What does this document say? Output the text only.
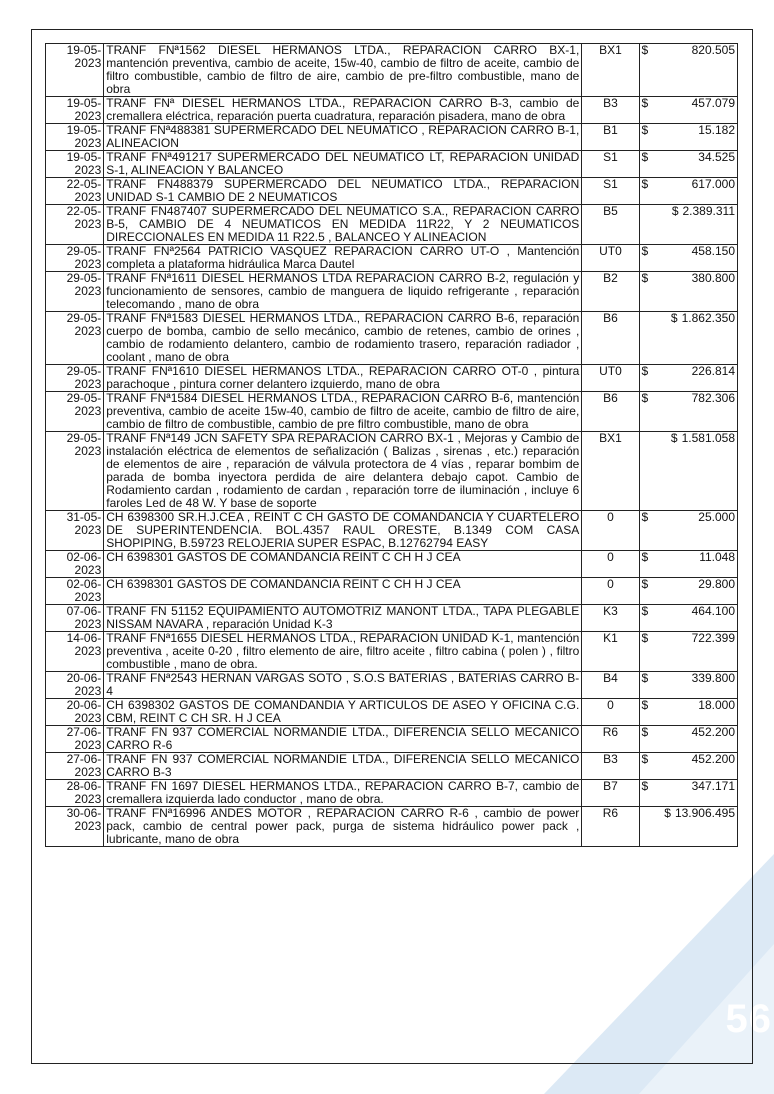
56
19-05-2023	TRANF FNª1562 DIESEL HERMANOS LTDA., REPARACION CARRO BX-1, mantención preventiva, cambio de aceite, 15w-40, cambio de filtro de aceite, cambio de filtro combustible, cambio de filtro de aire, cambio de pre-filtro combustible, mano de obra	BX1	$ 820.505

19-05-2023	TRANF FNª DIESEL HERMANOS LTDA., REPARACION CARRO B-3, cambio de cremallera eléctrica, reparación puerta cuadratura, reparación pisadera, mano de obra	B3	$ 457.079

19-05-2023	TRANF FNª488381 SUPERMERCADO DEL NEUMATICO , REPARACION CARRO B-1, ALINEACION	B1	$ 15.182

19-05-2023	TRANF FNª491217 SUPERMERCADO DEL NEUMATICO LT, REPARACION UNIDAD S-1, ALINEACION Y BALANCEO	S1	$ 34.525

22-05-2023	TRANF FN488379 SUPERMERCADO DEL NEUMATICO LTDA., REPARACION UNIDAD S-1 CAMBIO DE 2 NEUMATICOS	S1	$ 617.000

22-05-2023	TRANF FN487407 SUPERMERCADO DEL NEUMATICO S.A., REPARACION CARRO B-5, CAMBIO DE 4 NEUMATICOS EN MEDIDA 11R22, Y 2 NEUMATICOS DIRECCIONALES EN MEDIDA 11 R22.5 , BALANCEO Y ALINEACION	B5	$ 2.389.311

29-05-2023	TRANF FNª2564 PATRICIO VASQUEZ REPARACION CARRO UT-O , Mantención completa a plataforma hidráulica Marca Dautel	UT0	$ 458.150

29-05-2023	TRANF FNª1611 DIESEL HERMANOS LTDA REPARACION CARRO B-2, regulación y funcionamiento de sensores, cambio de manguera de liquido refrigerante , reparación telecomando , mano de obra	B2	$ 380.800

29-05-2023	TRANF FNª1583 DIESEL HERMANOS LTDA., REPARACION CARRO B-6, reparación cuerpo de bomba, cambio de sello mecánico, cambio de retenes, cambio de orines , cambio de rodamiento delantero, cambio de rodamiento trasero, reparación radiador , coolant , mano de obra	B6	$ 1.862.350

29-05-2023	TRANF FNª1610 DIESEL HERMANOS LTDA., REPARACION CARRO OT-0 , pintura parachoque , pintura corner delantero izquierdo, mano de obra	UT0	$ 226.814

29-05-2023	TRANF FNª1584 DIESEL HERMANOS LTDA., REPARACION CARRO B-6, mantención preventiva, cambio de aceite 15w-40, cambio de filtro de aceite, cambio de filtro de aire, cambio de filtro de combustible, cambio de pre filtro combustible, mano de obra	B6	$ 782.306

29-05-2023	TRANF FNª149 JCN SAFETY SPA REPARACION CARRO BX-1 , Mejoras y Cambio de instalación eléctrica de elementos de señalización ( Balizas , sirenas , etc.) reparación de elementos de aire , reparación de válvula protectora de 4 vías , reparar bombim de parada de bomba inyectora perdida de aire delantera debajo capot. Cambio de Rodamiento cardan , rodamiento de cardan , reparación torre de iluminación , incluye 6 faroles Led de 48 W. Y base de soporte	BX1	$ 1.581.058

31-05-2023	CH 6398300 SR.H.J.CEA , REINT C CH GASTO DE COMANDANCIA Y CUARTELERO DE SUPERINTENDENCIA. BOL.4357 RAUL ORESTE, B.1349 COM CASA SHOPIPING, B.59723 RELOJERIA SUPER ESPAC, B.12762794 EASY	0	$ 25.000

02-06-2023	CH 6398301 GASTOS DE COMANDANCIA REINT C CH H J CEA	0	$ 11.048

02-06-2023	CH 6398301 GASTOS DE COMANDANCIA REINT C CH H J CEA	0	$ 29.800

07-06-2023	TRANF FN 51152 EQUIPAMIENTO AUTOMOTRIZ MANONT LTDA., TAPA PLEGABLE NISSAM NAVARA , reparación Unidad K-3	K3	$ 464.100

14-06-2023	TRANF FNª1655 DIESEL HERMANOS LTDA., REPARACION UNIDAD K-1, mantención preventiva , aceite 0-20 , filtro elemento de aire, filtro aceite , filtro cabina ( polen ) , filtro combustible , mano de obra.	K1	$ 722.399

20-06-2023	TRANF FNª2543 HERNAN VARGAS SOTO , S.O.S BATERIAS , BATERIAS CARRO B-4	B4	$ 339.800

20-06-2023	CH 6398302 GASTOS DE COMANDANDIA Y ARTICULOS DE ASEO Y OFICINA C.G. CBM, REINT C CH SR. H J CEA	0	$ 18.000

27-06-2023	TRANF FN 937 COMERCIAL NORMANDIE LTDA., DIFERENCIA SELLO MECANICO CARRO R-6	R6	$ 452.200

27-06-2023	TRANF FN 937 COMERCIAL NORMANDIE LTDA., DIFERENCIA SELLO MECANICO CARRO B-3	B3	$ 452.200

28-06-2023	TRANF FN 1697 DIESEL HERMANOS LTDA., REPARACION CARRO B-7, cambio de cremallera izquierda lado conductor , mano de obra.	B7	$ 347.171

30-06-2023	TRANF FNª16996 ANDES MOTOR , REPARACION CARRO R-6 , cambio de power pack, cambio de central power pack, purga de sistema hidráulico power pack , lubricante, mano de obra	R6	$ 13.906.495
